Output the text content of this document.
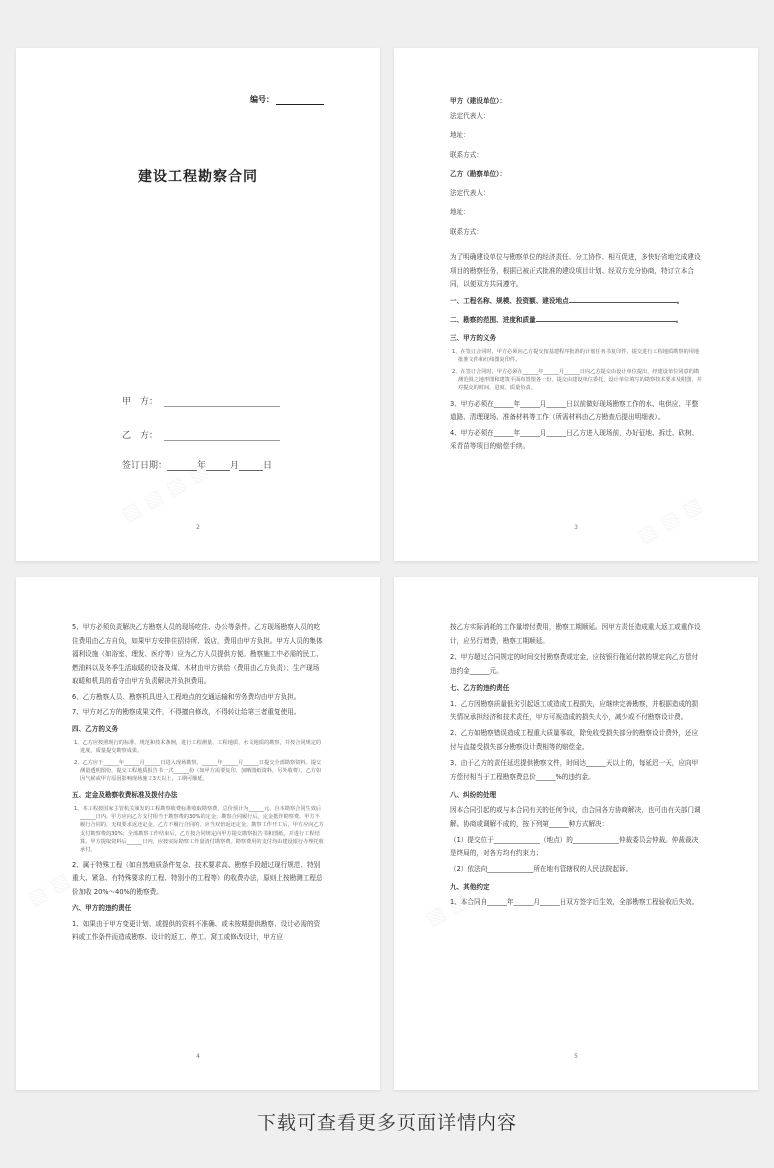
编号：
建设工程勘察合同
甲　方：
乙　方：
签订日期：	年	月	日
2

甲方（建设单位）：

法定代表人：

地址：

联系方式：

乙方（勘察单位）：

法定代表人：

地址：

联系方式：

为了明确建设单位与勘察单位的经济责任、分工协作、相互促进，多快好省地完成建设项目的勘察任务，根据已被正式批准的建设项目计划、经双方充分协商，特订立本合同，以便双方共同遵守。

一、工程名称、规模、投资额、建设地点	。

二、勘察的范围、进度和质量	。

三、甲方的义务

1、在签订合同时，甲方必须向乙方提交按基建程序批准的计划任务书复印件，提交进行工程地质勘察的用地批准文件和红线图复印件。

2、在签订合同时，甲方必须在______年______月______日向乙方提交由设计单位提出，经建设单位同意的勘测范围之地形图和建筑平面布置图各一份，提交由建设单位委托，设计单位填写的勘察技术要求及附图，并对提交的时间、进度、质量负责。

3、甲方必须在______年______月______日以前做好现场勘察工作的水、电供应、平整道路、清理现场、准备材料等工作（所需材料由乙方勘查后提出明细表）。

4、甲方必须在______年______月______日乙方进入现场前，办好征地、拆迁、砍树、采青苗等项目的赔偿手续。

3

5、甲方必须负责解决乙方勘察人员的现场吃住、办公等条件。乙方现场勘察人员的吃住费用由乙方自负，如果甲方安排住招待所、饭店，费用由甲方负担。甲方人员的集体福利设施（如浴室、理发、医疗等）应为乙方人员提供方便。勘察施工中必需的民工、燃油料以及冬季生活取暖的设备及煤、木材由甲方供给（费用由乙方负责）；生产现场取暖和机具的看守由甲方负责解决并负担费用。

6、乙方勘察人员、勘察机具进入工程地点的交通运输和劳务费均由甲方负担。

7、甲方对乙方的勘察成果文件，不得擅自修改，不得转让给第三者重复使用。

四、乙方的义务

1、乙方应按照现行的标准、规范和技术条例，进行工程测量、工程地质、水文地质的勘察，并按合同规定的进度、质量提交勘察成果。

2、乙方应于______年______月______日进入现场勘察，______年______月______日提交全部勘察资料。提交测量透明图份，提交工程地质报告书一式______份（如甲方需要复印、加晒图纸资料，另外收费）。乙方如因气候或甲方原因影响现场施工3天以上，工期可顺延。

五、定金及勘察收费标准及拨付办法

1、本工程按国家主管机关颁发的工程勘察收费标准收取勘察费，总价预计为______元，自本勘察合同生效后______日内，甲方应向乙方支付相当于勘察费的30%的定金；勘察合同履行后，定金抵作勘察费。甲方不履行合同的，无权要求返还定金。乙方不履行合同的，应当双倍返还定金。勘察工作开工后，甲方应向乙方支付勘察费的30%；全部勘察工作结束后，乙方按合同规定向甲方提交勘察报告书和图纸，并进行工程结算。甲方提取资料后______日内，应按实际勘察工作量清付勘察费。勘察费用的支付均由建设银行办理托收承付。

2、属于特殊工程（如自然地质条件复杂、技术要求高、勘察手段超过现行规范、特别重大、紧急、有特殊要求的工程、特别小的工程等）的收费办法，原则上按勘测工程总价加收 20%～40%的勘察费。

六、甲方的违约责任

1、如果由于甲方变更计划、或提供的资料不准确、或未按期提供勘察、设计必需的资料或工作条件而造成勘察、设计的返工、停工、窝工或修改设计，甲方应

4

按乙方实际消耗的工作量增付费用，勘察工期顺延。因甲方责任造成重大返工或重作设计，应另行增费，勘察工期顺延。

2、甲方超过合同规定的时间交付勘察费或定金，应按银行拖延付款的规定向乙方偿付违约金______元。

七、乙方的违约责任

1、乙方因勘察质量低劣引起返工或造成工程损失，应继续完善勘察，并根据造成的损失情况承担经济和技术责任，甲方可视造成的损失大小，减少或不付勘察设计费。

2、乙方如勘察错误造成工程重大质量事故，除免收受损失部分的勘察设计费外，还应付与直接受损失部分勘察设计费相等的赔偿金。

3、由于乙方的责任延迟提供勘察文件，时间达______天以上的，每延迟一天，应向甲方偿付相当于工程勘察费总价______%的违约金。

八、纠纷的处理

因本合同引起的或与本合同有关的任何争议，由合同各方协商解决，也可由有关部门调解。协商或调解不成的，按下列第______种方式解决：

（1）提交位于______________（地点）的______________仲裁委员会仲裁。仲裁裁决是终局的，对各方均有约束力；

（2）依法向______________所在地有管辖权的人民法院起诉。

九、其他约定

1、本合同自______年______月______日双方签字后生效，全部勘察工程验收后失效。

5
下载可查看更多页面详情内容
